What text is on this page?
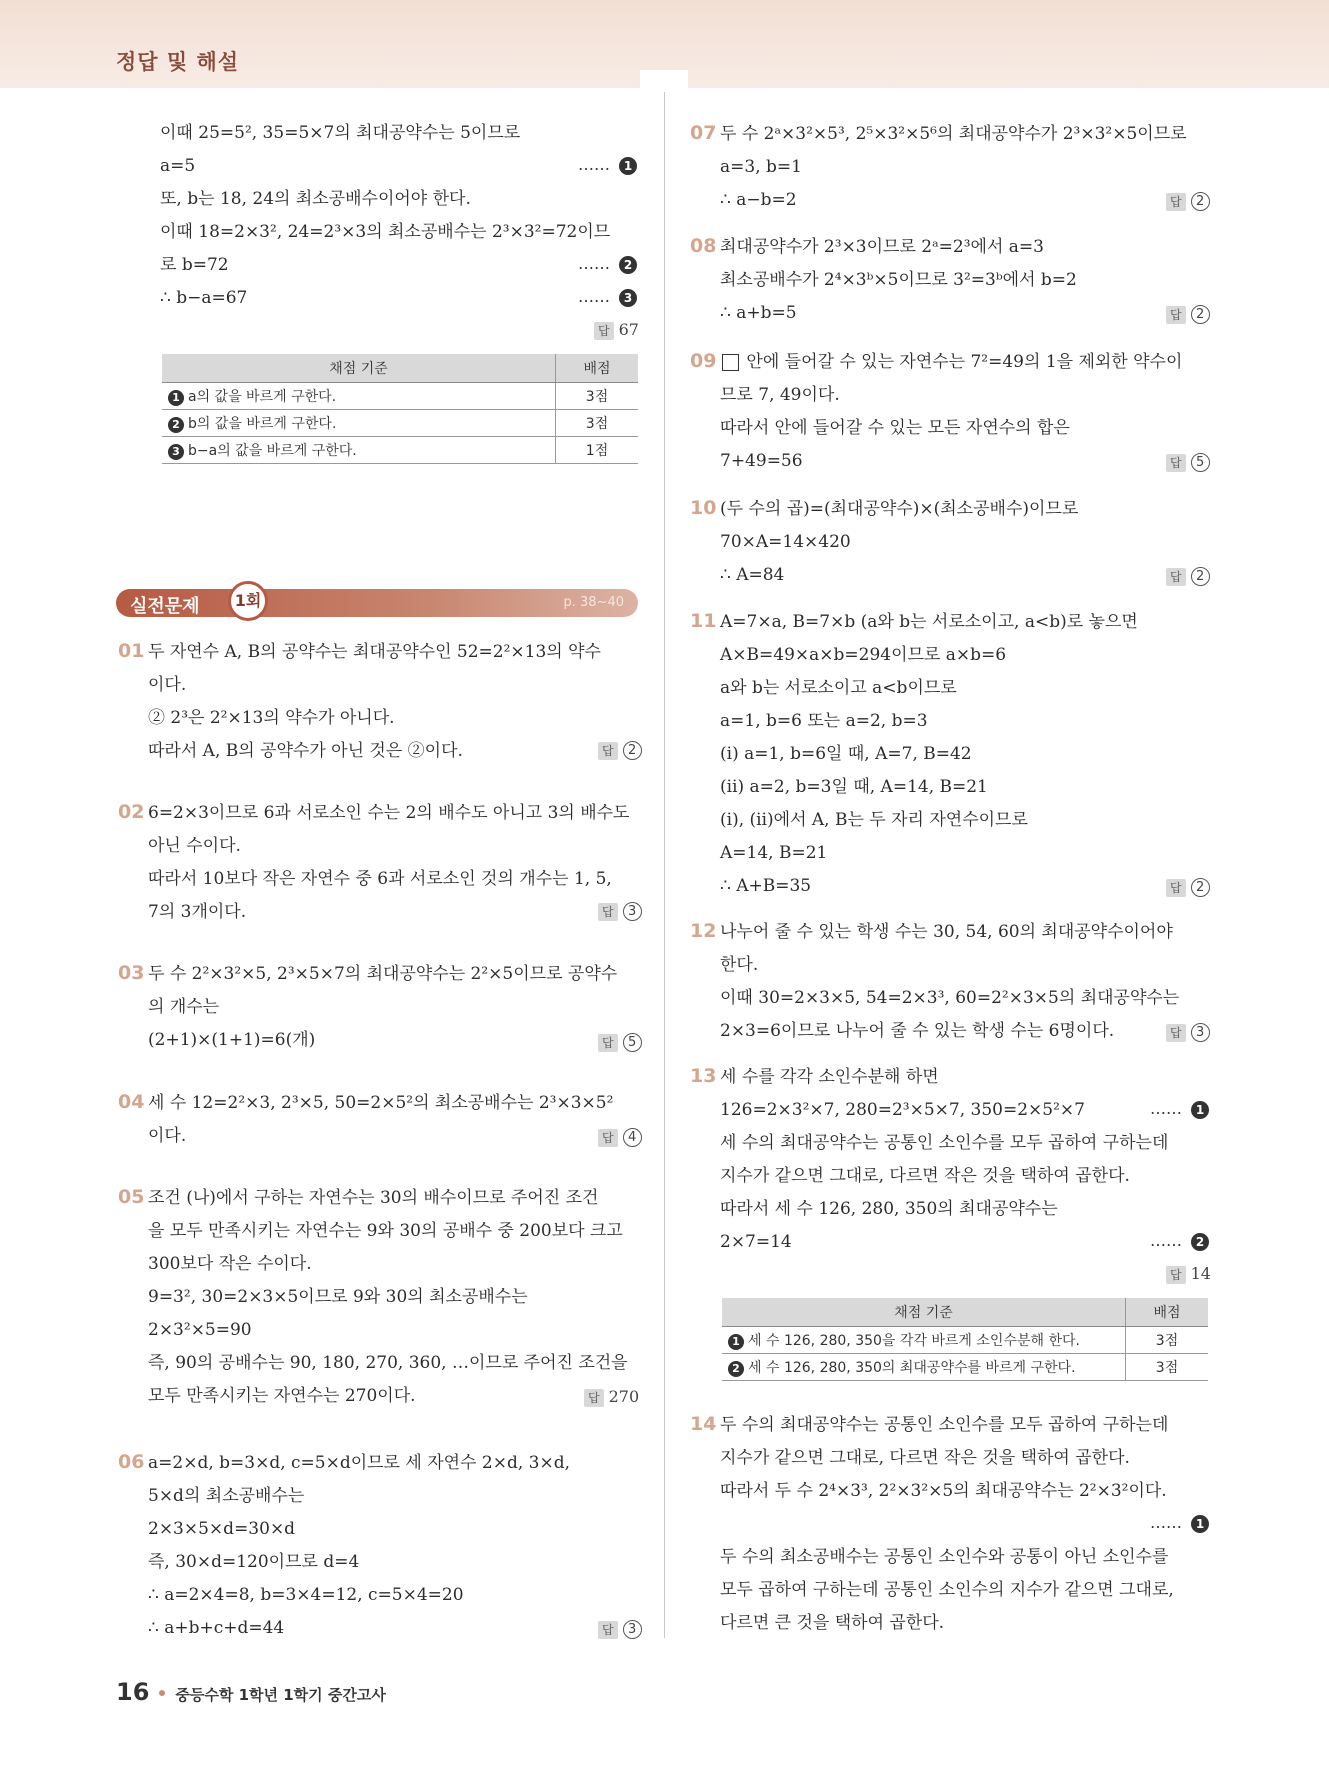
정답 및 해설
이때 25=5², 35=5×7의 최대공약수는 5이므로
a=5	…… 1
또, b는 18, 24의 최소공배수이어야 한다.
이때 18=2×3², 24=2³×3의 최소공배수는 2³×3²=72이므
로 b=72	…… 2
∴ b−a=67	…… 3
답 67
채점 기준	배점
1 a의 값을 바르게 구한다.	3점
2 b의 값을 바르게 구한다.	3점
3 b−a의 값을 바르게 구한다.	1점
실전문제	1회	p. 38~40
01 두 자연수 A, B의 공약수는 최대공약수인 52=2²×13의 약수
이다.
② 2³은 2²×13의 약수가 아니다.
따라서 A, B의 공약수가 아닌 것은 ②이다.	답 2
02 6=2×3이므로 6과 서로소인 수는 2의 배수도 아니고 3의 배수도
아닌 수이다.
따라서 10보다 작은 자연수 중 6과 서로소인 것의 개수는 1, 5,
7의 3개이다.	답 3
03 두 수 2²×3²×5, 2³×5×7의 최대공약수는 2²×5이므로 공약수
의 개수는
(2+1)×(1+1)=6(개)	답 5
04 세 수 12=2²×3, 2³×5, 50=2×5²의 최소공배수는 2³×3×5²
이다.	답 4
05 조건 (나)에서 구하는 자연수는 30의 배수이므로 주어진 조건
을 모두 만족시키는 자연수는 9와 30의 공배수 중 200보다 크고
300보다 작은 수이다.
9=3², 30=2×3×5이므로 9와 30의 최소공배수는
2×3²×5=90
즉, 90의 공배수는 90, 180, 270, 360, …이므로 주어진 조건을
모두 만족시키는 자연수는 270이다.	답 270
06 a=2×d, b=3×d, c=5×d이므로 세 자연수 2×d, 3×d,
5×d의 최소공배수는
2×3×5×d=30×d
즉, 30×d=120이므로 d=4
∴ a=2×4=8, b=3×4=12, c=5×4=20
∴ a+b+c+d=44	답 3
07 두 수 2ᵃ×3²×5³, 2⁵×3²×5⁶의 최대공약수가 2³×3²×5이므로
a=3, b=1
∴ a−b=2	답 2
08 최대공약수가 2³×3이므로 2ᵃ=2³에서 a=3
최소공배수가 2⁴×3ᵇ×5이므로 3²=3ᵇ에서 b=2
∴ a+b=5	답 2
09	안에 들어갈 수 있는 자연수는 7²=49의 1을 제외한 약수이
므로 7, 49이다.
따라서 안에 들어갈 수 있는 모든 자연수의 합은
7+49=56	답 5
10 (두 수의 곱)=(최대공약수)×(최소공배수)이므로
70×A=14×420
∴ A=84	답 2
11 A=7×a, B=7×b (a와 b는 서로소이고, a<b)로 놓으면
A×B=49×a×b=294이므로 a×b=6
a와 b는 서로소이고 a<b이므로
a=1, b=6 또는 a=2, b=3
(ⅰ) a=1, b=6일 때, A=7, B=42
(ⅱ) a=2, b=3일 때, A=14, B=21
(ⅰ), (ⅱ)에서 A, B는 두 자리 자연수이므로
A=14, B=21
∴ A+B=35	답 2
12 나누어 줄 수 있는 학생 수는 30, 54, 60의 최대공약수이어야
한다.
이때 30=2×3×5, 54=2×3³, 60=2²×3×5의 최대공약수는
2×3=6이므로 나누어 줄 수 있는 학생 수는 6명이다.	답 3
13 세 수를 각각 소인수분해 하면
126=2×3²×7, 280=2³×5×7, 350=2×5²×7	…… 1
세 수의 최대공약수는 공통인 소인수를 모두 곱하여 구하는데
지수가 같으면 그대로, 다르면 작은 것을 택하여 곱한다.
따라서 세 수 126, 280, 350의 최대공약수는
2×7=14	…… 2
답 14
채점 기준	배점
1 세 수 126, 280, 350을 각각 바르게 소인수분해 한다.	3점
2 세 수 126, 280, 350의 최대공약수를 바르게 구한다.	3점
14 두 수의 최대공약수는 공통인 소인수를 모두 곱하여 구하는데
지수가 같으면 그대로, 다르면 작은 것을 택하여 곱한다.
따라서 두 수 2⁴×3³, 2²×3²×5의 최대공약수는 2²×3²이다.
…… 1
두 수의 최소공배수는 공통인 소인수와 공통이 아닌 소인수를
모두 곱하여 구하는데 공통인 소인수의 지수가 같으면 그대로,
다르면 큰 것을 택하여 곱한다.
16 중등수학 1학년 1학기 중간고사
